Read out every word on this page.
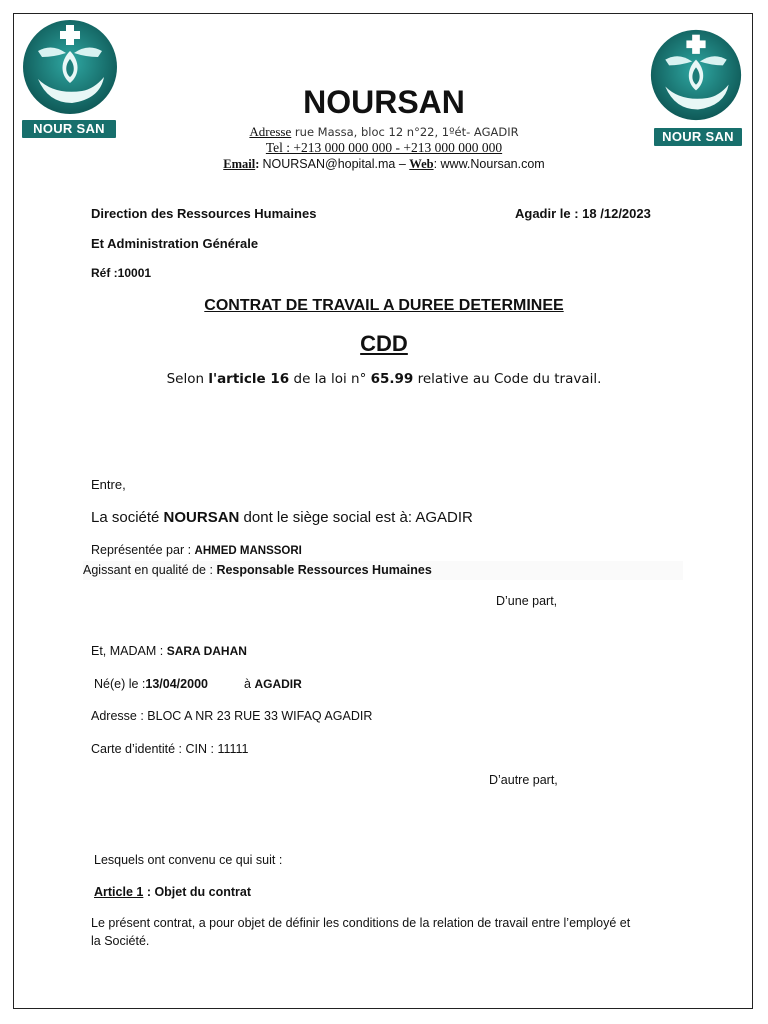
NOUR SAN
NOUR SAN
NOURSAN
Adresse rue Massa, bloc 12 n°22, 1ºét- AGADIR
Tel : +213 000 000 000 - +213 000 000 000
Email: NOURSAN@hopital.ma – Web: www.Noursan.com
Direction des Ressources Humaines	Agadir le : 18 /12/2023
Et Administration Générale
Réf :10001
CONTRAT DE TRAVAIL A DUREE DETERMINEE
CDD
Selon l'article 16 de la loi n° 65.99 relative au Code du travail.
Entre,
La société NOURSAN dont le siège social est à: AGADIR
Représentée par : AHMED MANSSORI
Agissant en qualité de : Responsable Ressources Humaines
D’une part,
Et, MADAM : SARA DAHAN
Né(e) le :13/04/2000	à AGADIR
Adresse : BLOC A NR 23 RUE 33 WIFAQ AGADIR
Carte d’identité : CIN : 11111
D’autre part,
Lesquels ont convenu ce qui suit :
Article 1 : Objet du contrat
Le présent contrat, a pour objet de définir les conditions de la relation de travail entre l’employé et
la Société.
